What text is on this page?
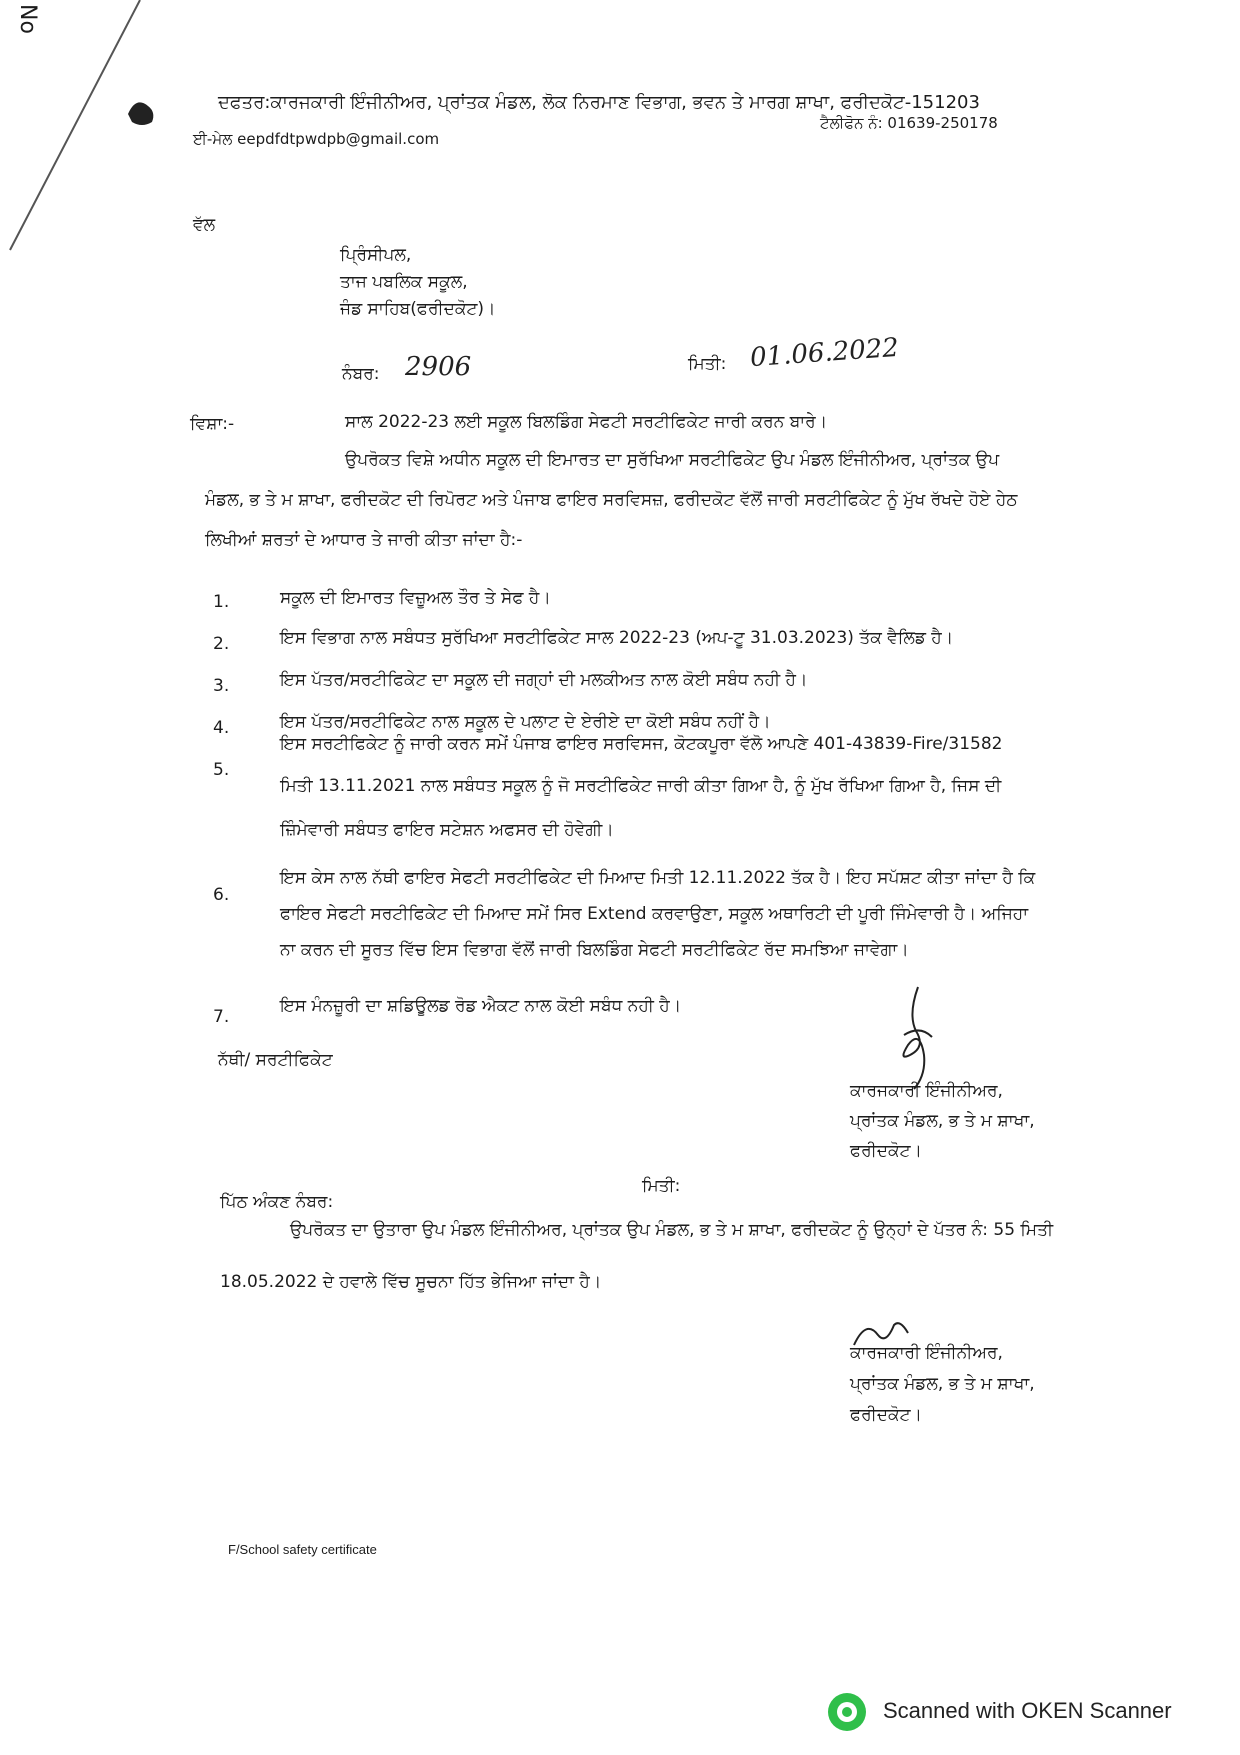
No
ਦਫਤਰ:ਕਾਰਜਕਾਰੀ ਇੰਜੀਨੀਅਰ, ਪ੍ਰਾਂਤਕ ਮੰਡਲ, ਲੋਕ ਨਿਰਮਾਣ ਵਿਭਾਗ, ਭਵਨ ਤੇ ਮਾਰਗ ਸ਼ਾਖਾ, ਫਰੀਦਕੋਟ-151203
ਟੈਲੀਫੋਨ ਨੰ: 01639-250178
ਈ-ਮੇਲ eepdfdtpwdpb@gmail.com
ਵੱਲ
ਪ੍ਰਿੰਸੀਪਲ,
ਤਾਜ ਪਬਲਿਕ ਸਕੂਲ,
ਜੰਡ ਸਾਹਿਬ(ਫਰੀਦਕੋਟ)।
ਨੰਬਰ: 2906	ਮਿਤੀ: 01.06.2022
ਵਿਸ਼ਾ:-	ਸਾਲ 2022-23 ਲਈ ਸਕੂਲ ਬਿਲਡਿੰਗ ਸੇਫਟੀ ਸਰਟੀਫਿਕੇਟ ਜਾਰੀ ਕਰਨ ਬਾਰੇ।
ਉਪਰੋਕਤ ਵਿਸ਼ੇ ਅਧੀਨ ਸਕੂਲ ਦੀ ਇਮਾਰਤ ਦਾ ਸੁਰੱਖਿਆ ਸਰਟੀਫਿਕੇਟ ਉਪ ਮੰਡਲ ਇੰਜੀਨੀਅਰ, ਪ੍ਰਾਂਤਕ ਉਪ
ਮੰਡਲ, ਭ ਤੇ ਮ ਸ਼ਾਖਾ, ਫਰੀਦਕੋਟ ਦੀ ਰਿਪੋਰਟ ਅਤੇ ਪੰਜਾਬ ਫਾਇਰ ਸਰਵਿਸਜ਼, ਫਰੀਦਕੋਟ ਵੱਲੋਂ ਜਾਰੀ ਸਰਟੀਫਿਕੇਟ ਨੂੰ ਮੁੱਖ ਰੱਖਦੇ ਹੋਏ ਹੇਠ
ਲਿਖੀਆਂ ਸ਼ਰਤਾਂ ਦੇ ਆਧਾਰ ਤੇ ਜਾਰੀ ਕੀਤਾ ਜਾਂਦਾ ਹੈ:-
1.	ਸਕੂਲ ਦੀ ਇਮਾਰਤ ਵਿਜ਼ੂਅਲ ਤੌਰ ਤੇ ਸੇਫ ਹੈ।
2.	ਇਸ ਵਿਭਾਗ ਨਾਲ ਸਬੰਧਤ ਸੁਰੱਖਿਆ ਸਰਟੀਫਿਕੇਟ ਸਾਲ 2022-23 (ਅਪ-ਟੂ 31.03.2023) ਤੱਕ ਵੈਲਿਡ ਹੈ।
3.	ਇਸ ਪੱਤਰ/ਸਰਟੀਫਿਕੇਟ ਦਾ ਸਕੂਲ ਦੀ ਜਗ੍ਹਾਂ ਦੀ ਮਲਕੀਅਤ ਨਾਲ ਕੋਈ ਸਬੰਧ ਨਹੀ ਹੈ।
4.	ਇਸ ਪੱਤਰ/ਸਰਟੀਫਿਕੇਟ ਨਾਲ ਸਕੂਲ ਦੇ ਪਲਾਟ ਦੇ ਏਰੀਏ ਦਾ ਕੋਈ ਸਬੰਧ ਨਹੀਂ ਹੈ।
5.
ਇਸ ਸਰਟੀਫਿਕੇਟ ਨੂੰ ਜਾਰੀ ਕਰਨ ਸਮੇਂ ਪੰਜਾਬ ਫਾਇਰ ਸਰਵਿਸਜ, ਕੋਟਕਪੂਰਾ ਵੱਲੋ ਆਪਣੇ 401-43839-Fire/31582
ਮਿਤੀ 13.11.2021 ਨਾਲ ਸਬੰਧਤ ਸਕੂਲ ਨੂੰ ਜੋ ਸਰਟੀਫਿਕੇਟ ਜਾਰੀ ਕੀਤਾ ਗਿਆ ਹੈ, ਨੂੰ ਮੁੱਖ ਰੱਖਿਆ ਗਿਆ ਹੈ, ਜਿਸ ਦੀ
ਜ਼ਿੰਮੇਵਾਰੀ ਸਬੰਧਤ ਫਾਇਰ ਸਟੇਸ਼ਨ ਅਫਸਰ ਦੀ ਹੋਵੇਗੀ।
6.
ਇਸ ਕੇਸ ਨਾਲ ਨੱਥੀ ਫਾਇਰ ਸੇਫਟੀ ਸਰਟੀਫਿਕੇਟ ਦੀ ਮਿਆਦ ਮਿਤੀ 12.11.2022 ਤੱਕ ਹੈ। ਇਹ ਸਪੱਸ਼ਟ ਕੀਤਾ ਜਾਂਦਾ ਹੈ ਕਿ
ਫਾਇਰ ਸੇਫਟੀ ਸਰਟੀਫਿਕੇਟ ਦੀ ਮਿਆਦ ਸਮੇਂ ਸਿਰ Extend ਕਰਵਾਉਣਾ, ਸਕੂਲ ਅਥਾਰਿਟੀ ਦੀ ਪੂਰੀ ਜਿੰਮੇਵਾਰੀ ਹੈ। ਅਜਿਹਾ
ਨਾ ਕਰਨ ਦੀ ਸੂਰਤ ਵਿੱਚ ਇਸ ਵਿਭਾਗ ਵੱਲੋਂ ਜਾਰੀ ਬਿਲਡਿੰਗ ਸੇਫਟੀ ਸਰਟੀਫਿਕੇਟ ਰੱਦ ਸਮਝਿਆ ਜਾਵੇਗਾ।
7.
ਇਸ ਮੰਨਜ਼ੂਰੀ ਦਾ ਸ਼ਡਿਊਲਡ ਰੋਡ ਐਕਟ ਨਾਲ ਕੋਈ ਸਬੰਧ ਨਹੀ ਹੈ।
ਨੱਥੀ/ ਸਰਟੀਫਿਕੇਟ
ਕਾਰਜਕਾਰੀ ਇੰਜੀਨੀਅਰ,
ਪ੍ਰਾਂਤਕ ਮੰਡਲ, ਭ ਤੇ ਮ ਸ਼ਾਖਾ,
ਫਰੀਦਕੋਟ।
ਮਿਤੀ:
ਪਿੱਠ ਅੰਕਣ ਨੰਬਰ:
ਉਪਰੋਕਤ ਦਾ ਉਤਾਰਾ ਉਪ ਮੰਡਲ ਇੰਜੀਨੀਅਰ, ਪ੍ਰਾਂਤਕ ਉਪ ਮੰਡਲ, ਭ ਤੇ ਮ ਸ਼ਾਖਾ, ਫਰੀਦਕੋਟ ਨੂੰ ਉਨ੍ਹਾਂ ਦੇ ਪੱਤਰ ਨੰ: 55 ਮਿਤੀ
18.05.2022 ਦੇ ਹਵਾਲੇ ਵਿੱਚ ਸੂਚਨਾ ਹਿੱਤ ਭੇਜਿਆ ਜਾਂਦਾ ਹੈ।
ਕਾਰਜਕਾਰੀ ਇੰਜੀਨੀਅਰ,
ਪ੍ਰਾਂਤਕ ਮੰਡਲ, ਭ ਤੇ ਮ ਸ਼ਾਖਾ,
ਫਰੀਦਕੋਟ।
F/School safety certificate
Scanned with OKEN Scanner
